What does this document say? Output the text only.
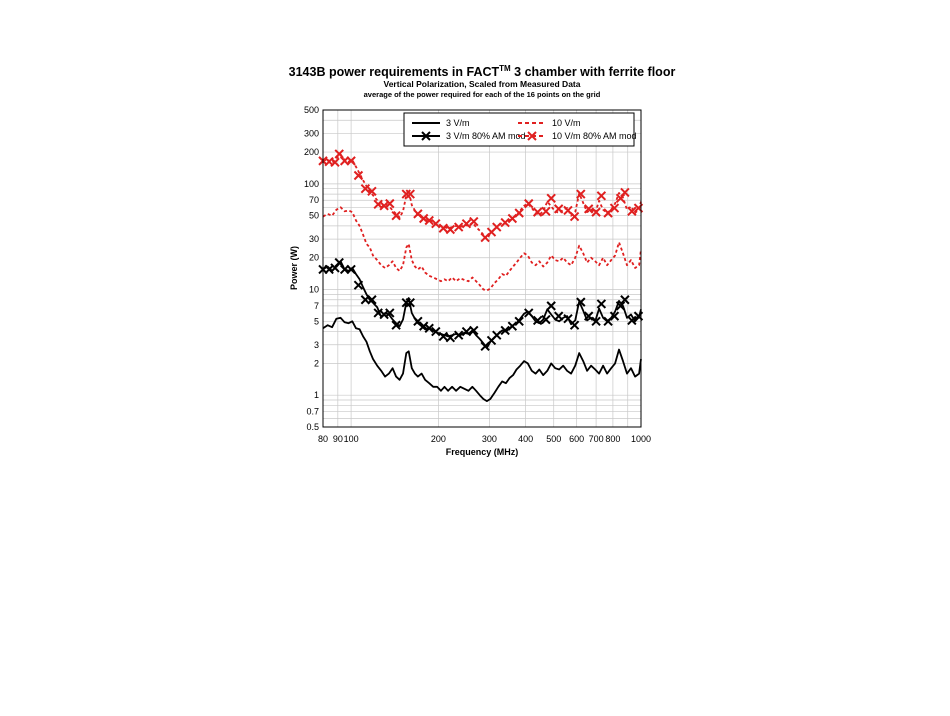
3143B power requirements in FACT™ 3 chamber with ferrite floor
Vertical Polarization, Scaled from Measured Data
average of the power required for each of the 16 points on the grid
80 90 100	200	300 400 500 600 700 800 1000
0.5
0.7
1
2
3
5
7
10
20
30
50
70
100
200
300
500
Frequency (MHz)
Power (W)
3 V/m
3 V/m 80% AM mod
10 V/m
10 V/m 80% AM mod
